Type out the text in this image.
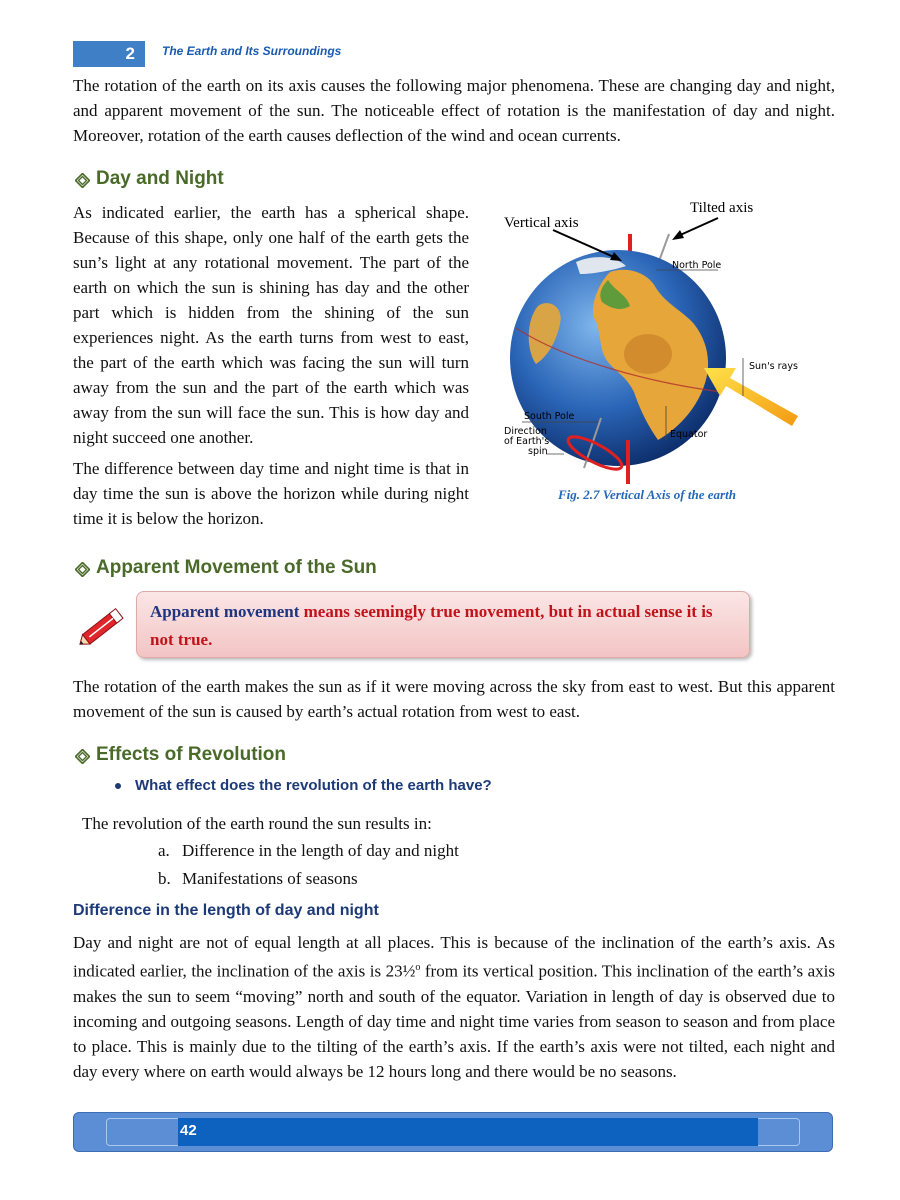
2 The Earth and Its Surroundings

The rotation of the earth on its axis causes the following major phenomena. These are changing day and night, and apparent movement of the sun. The noticeable effect of rotation is the manifestation of day and night. Moreover, rotation of the earth causes deflection of the wind and ocean currents.

Day and Night

As indicated earlier, the earth has a spherical shape. Because of this shape, only one half of the earth gets the sun’s light at any rotational movement. The part of the earth on which the sun is shining has day and the other part which is hidden from the shining of the sun experiences night. As the earth turns from west to east, the part of the earth which was facing the sun will turn away from the sun and the part of the earth which was away from the sun will face the sun. This is how day and night succeed one another.

The difference between day time and night time is that in day time the sun is above the horizon while during night time it is below the horizon.

Tilted axis
Vertical axis
North Pole
Sun's rays
South Pole
Direction
of Earth's
spin
Equator
Fig. 2.7 Vertical Axis of the earth
Apparent Movement of the Sun
Apparent movement means seemingly true movement, but in actual sense it is not true.

The rotation of the earth makes the sun as if it were moving across the sky from east to west. But this apparent movement of the sun is caused by earth’s actual rotation from west to east.

Effects of Revolution
What effect does the revolution of the earth have?
The revolution of the earth round the sun results in:
a. Difference in the length of day and night
b. Manifestations of seasons
Difference in the length of day and night

Day and night are not of equal length at all places. This is because of the inclination of the earth’s axis. As indicated earlier, the inclination of the axis is 23½$^o$ from its vertical position. This inclination of the earth’s axis makes the sun to seem “moving” north and south of the equator. Variation in length of day is observed due to incoming and outgoing seasons. Length of day time and night time varies from season to season and from place to place. This is mainly due to the tilting of the earth’s axis. If the earth’s axis were not tilted, each night and day every where on earth would always be 12 hours long and there would be no seasons.

42
